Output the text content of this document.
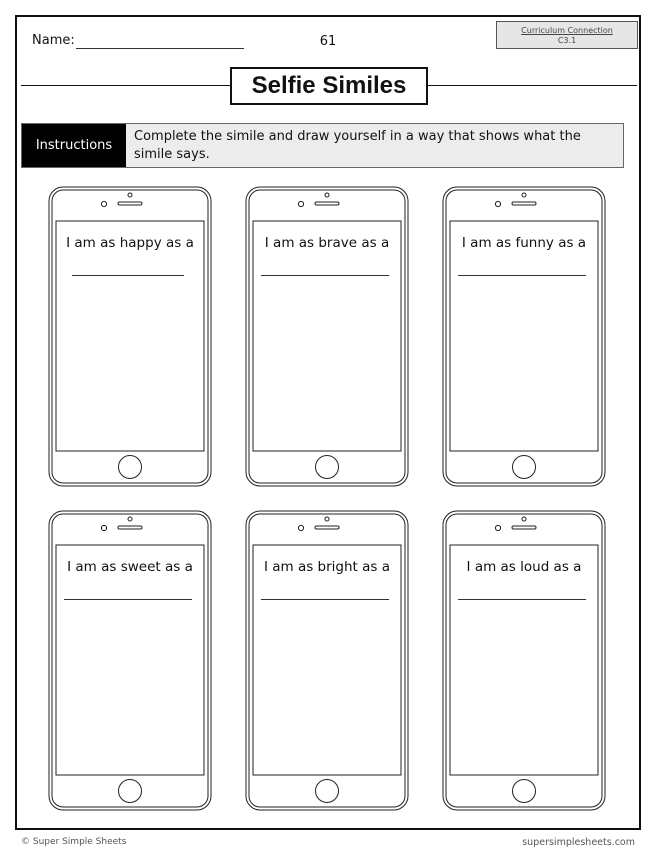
Name:	61
Curriculum Connection
C3.1
Selfie Similes
Instructions
Complete the simile and draw yourself in a way that shows what the simile says.
I am as happy as a	I am as brave as a	I am as funny as a
I am as sweet as a	I am as bright as a	I am as loud as a
© Super Simple Sheets	supersimplesheets.com
